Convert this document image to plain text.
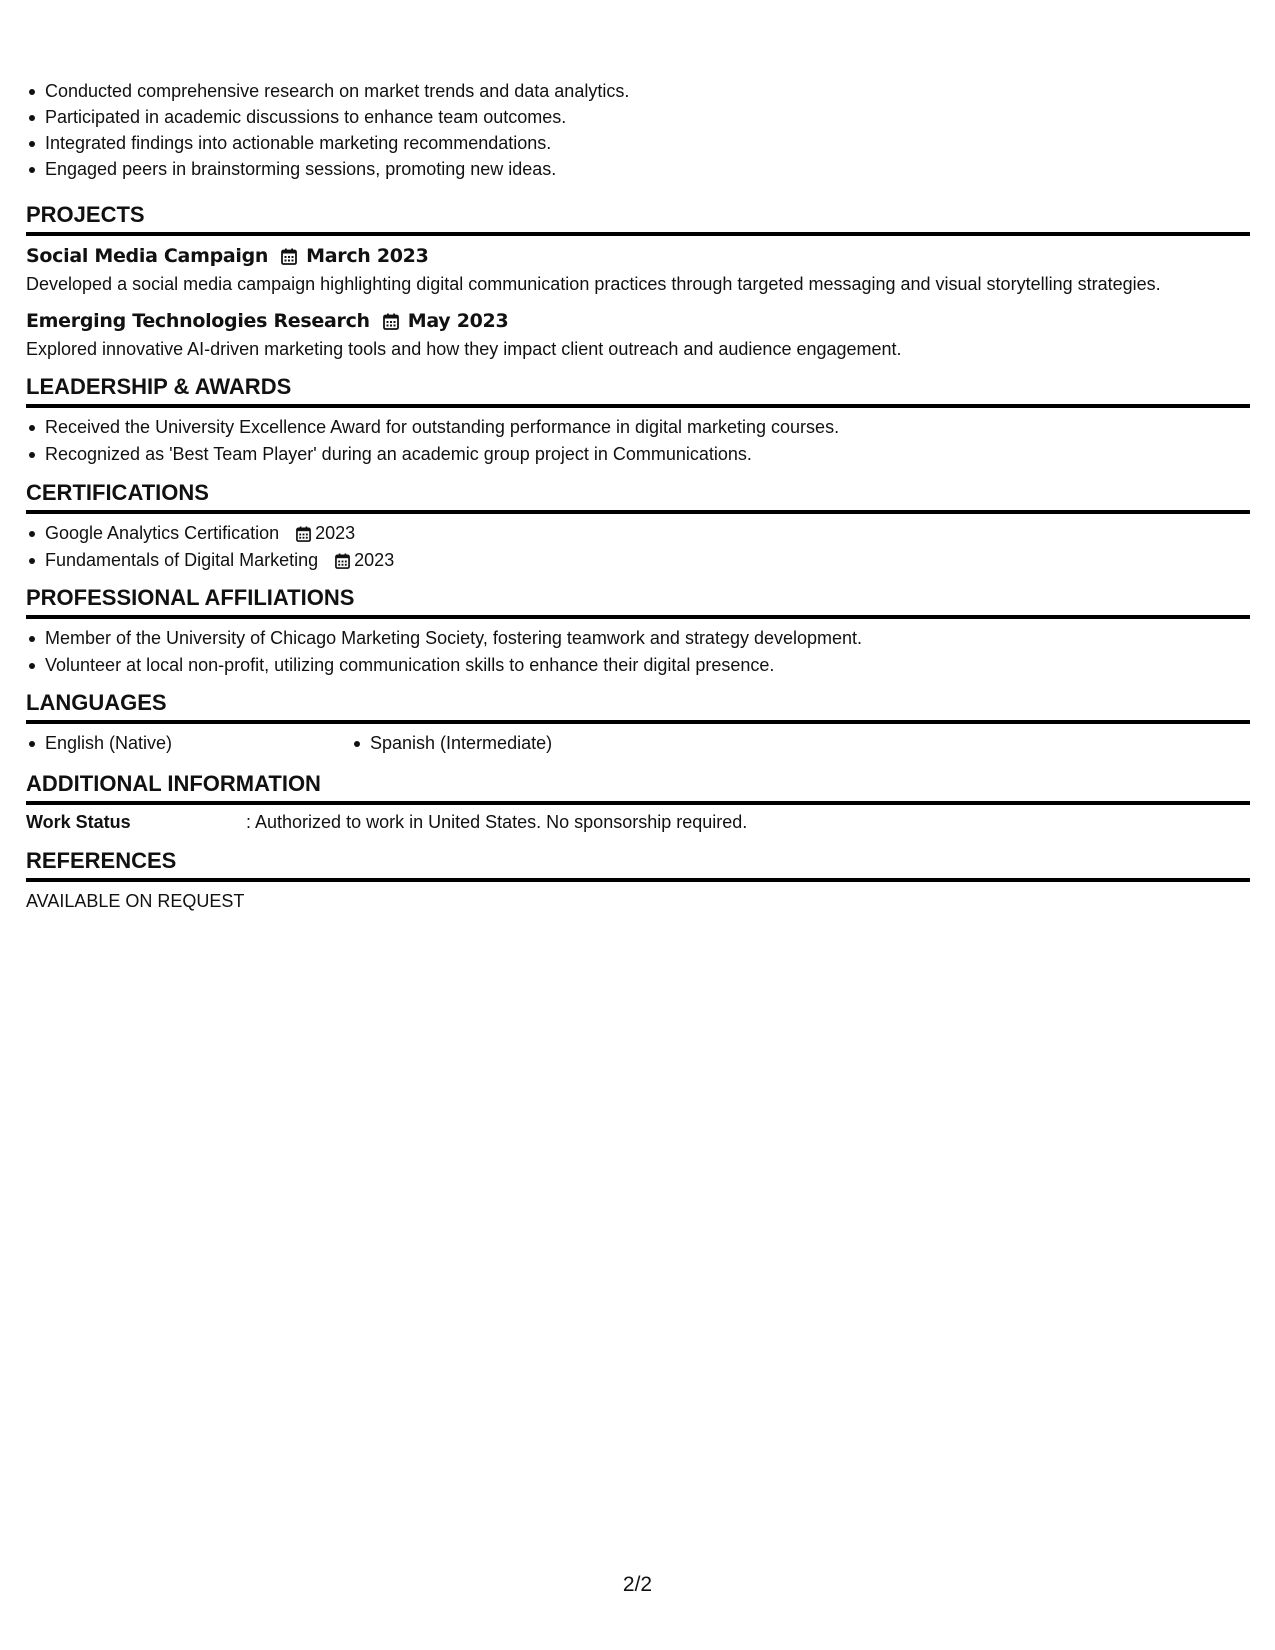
Conducted comprehensive research on market trends and data analytics.
Participated in academic discussions to enhance team outcomes.
Integrated findings into actionable marketing recommendations.
Engaged peers in brainstorming sessions, promoting new ideas.
PROJECTS
Social Media Campaign March 2023

Developed a social media campaign highlighting digital communication practices through targeted messaging and visual storytelling strategies.

Emerging Technologies Research May 2023

Explored innovative AI-driven marketing tools and how they impact client outreach and audience engagement.

LEADERSHIP & AWARDS
Received the University Excellence Award for outstanding performance in digital marketing courses.
Recognized as 'Best Team Player' during an academic group project in Communications.
CERTIFICATIONS
Google Analytics Certification 2023
Fundamentals of Digital Marketing 2023
PROFESSIONAL AFFILIATIONS
Member of the University of Chicago Marketing Society, fostering teamwork and strategy development.
Volunteer at local non-profit, utilizing communication skills to enhance their digital presence.
LANGUAGES
English (Native)	Spanish (Intermediate)
ADDITIONAL INFORMATION
Work Status	: Authorized to work in United States. No sponsorship required.
REFERENCES

AVAILABLE ON REQUEST

2/2
